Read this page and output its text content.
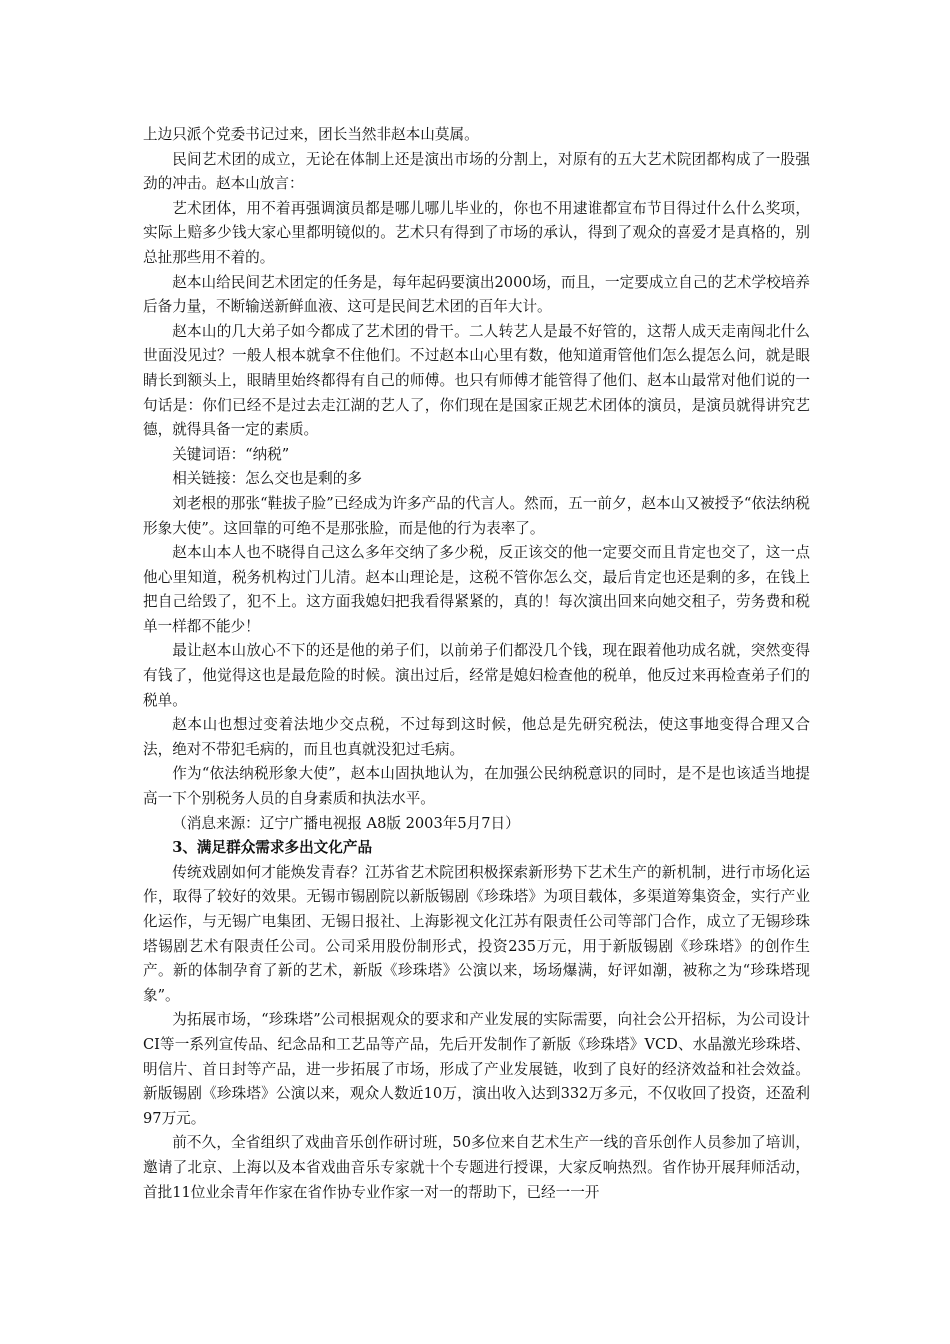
上边只派个党委书记过来，团长当然非赵本山莫属。

民间艺术团的成立，无论在体制上还是演出市场的分割上，对原有的五大艺术院团都构成了一股强劲的冲击。赵本山放言：

艺术团体，用不着再强调演员都是哪儿哪儿毕业的，你也不用逮谁都宣布节目得过什么什么奖项，实际上赔多少钱大家心里都明镜似的。艺术只有得到了市场的承认，得到了观众的喜爱才是真格的，别总扯那些用不着的。

赵本山给民间艺术团定的任务是，每年起码要演出2000场，而且，一定要成立自己的艺术学校培养后备力量，不断输送新鲜血液、这可是民间艺术团的百年大计。

赵本山的几大弟子如今都成了艺术团的骨干。二人转艺人是最不好管的，这帮人成天走南闯北什么世面没见过？一般人根本就拿不住他们。不过赵本山心里有数，他知道甭管他们怎么提怎么问，就是眼睛长到额头上，眼睛里始终都得有自己的师傅。也只有师傅才能管得了他们、赵本山最常对他们说的一句话是：你们已经不是过去走江湖的艺人了，你们现在是国家正规艺术团体的演员，是演员就得讲究艺德，就得具备一定的素质。

关键词语：“纳税”

相关链接：怎么交也是剩的多

刘老根的那张“鞋拔子脸”已经成为许多产品的代言人。然而，五一前夕，赵本山又被授予“依法纳税形象大使”。这回靠的可绝不是那张脸，而是他的行为表率了。

赵本山本人也不晓得自己这么多年交纳了多少税，反正该交的他一定要交而且肯定也交了，这一点他心里知道，税务机构过门儿清。赵本山理论是，这税不管你怎么交，最后肯定也还是剩的多，在钱上把自己给毁了，犯不上。这方面我媳妇把我看得紧紧的，真的！每次演出回来向她交租子，劳务费和税单一样都不能少！

最让赵本山放心不下的还是他的弟子们，以前弟子们都没几个钱，现在跟着他功成名就，突然变得有钱了，他觉得这也是最危险的时候。演出过后，经常是媳妇检查他的税单，他反过来再检查弟子们的税单。

赵本山也想过变着法地少交点税，不过每到这时候，他总是先研究税法，使这事地变得合理又合法，绝对不带犯毛病的，而且也真就没犯过毛病。

作为“依法纳税形象大使”，赵本山固执地认为，在加强公民纳税意识的同时，是不是也该适当地提高一下个别税务人员的自身素质和执法水平。

（消息来源：辽宁广播电视报 A8版 2003年5月7日）

3、满足群众需求多出文化产品

传统戏剧如何才能焕发青春？江苏省艺术院团积极探索新形势下艺术生产的新机制，进行市场化运作，取得了较好的效果。无锡市锡剧院以新版锡剧《珍珠塔》为项目载体，多渠道筹集资金，实行产业化运作，与无锡广电集团、无锡日报社、上海影视文化江苏有限责任公司等部门合作，成立了无锡珍珠塔锡剧艺术有限责任公司。公司采用股份制形式，投资235万元，用于新版锡剧《珍珠塔》的创作生产。新的体制孕育了新的艺术，新版《珍珠塔》公演以来，场场爆满，好评如潮，被称之为“珍珠塔现象”。

为拓展市场，“珍珠塔”公司根据观众的要求和产业发展的实际需要，向社会公开招标，为公司设计CI等一系列宣传品、纪念品和工艺品等产品，先后开发制作了新版《珍珠塔》VCD、水晶激光珍珠塔、明信片、首日封等产品，进一步拓展了市场，形成了产业发展链，收到了良好的经济效益和社会效益。新版锡剧《珍珠塔》公演以来，观众人数近10万，演出收入达到332万多元，不仅收回了投资，还盈利97万元。

前不久，全省组织了戏曲音乐创作研讨班，50多位来自艺术生产一线的音乐创作人员参加了培训，邀请了北京、上海以及本省戏曲音乐专家就十个专题进行授课，大家反响热烈。省作协开展拜师活动，首批11位业余青年作家在省作协专业作家一对一的帮助下，已经一一开
